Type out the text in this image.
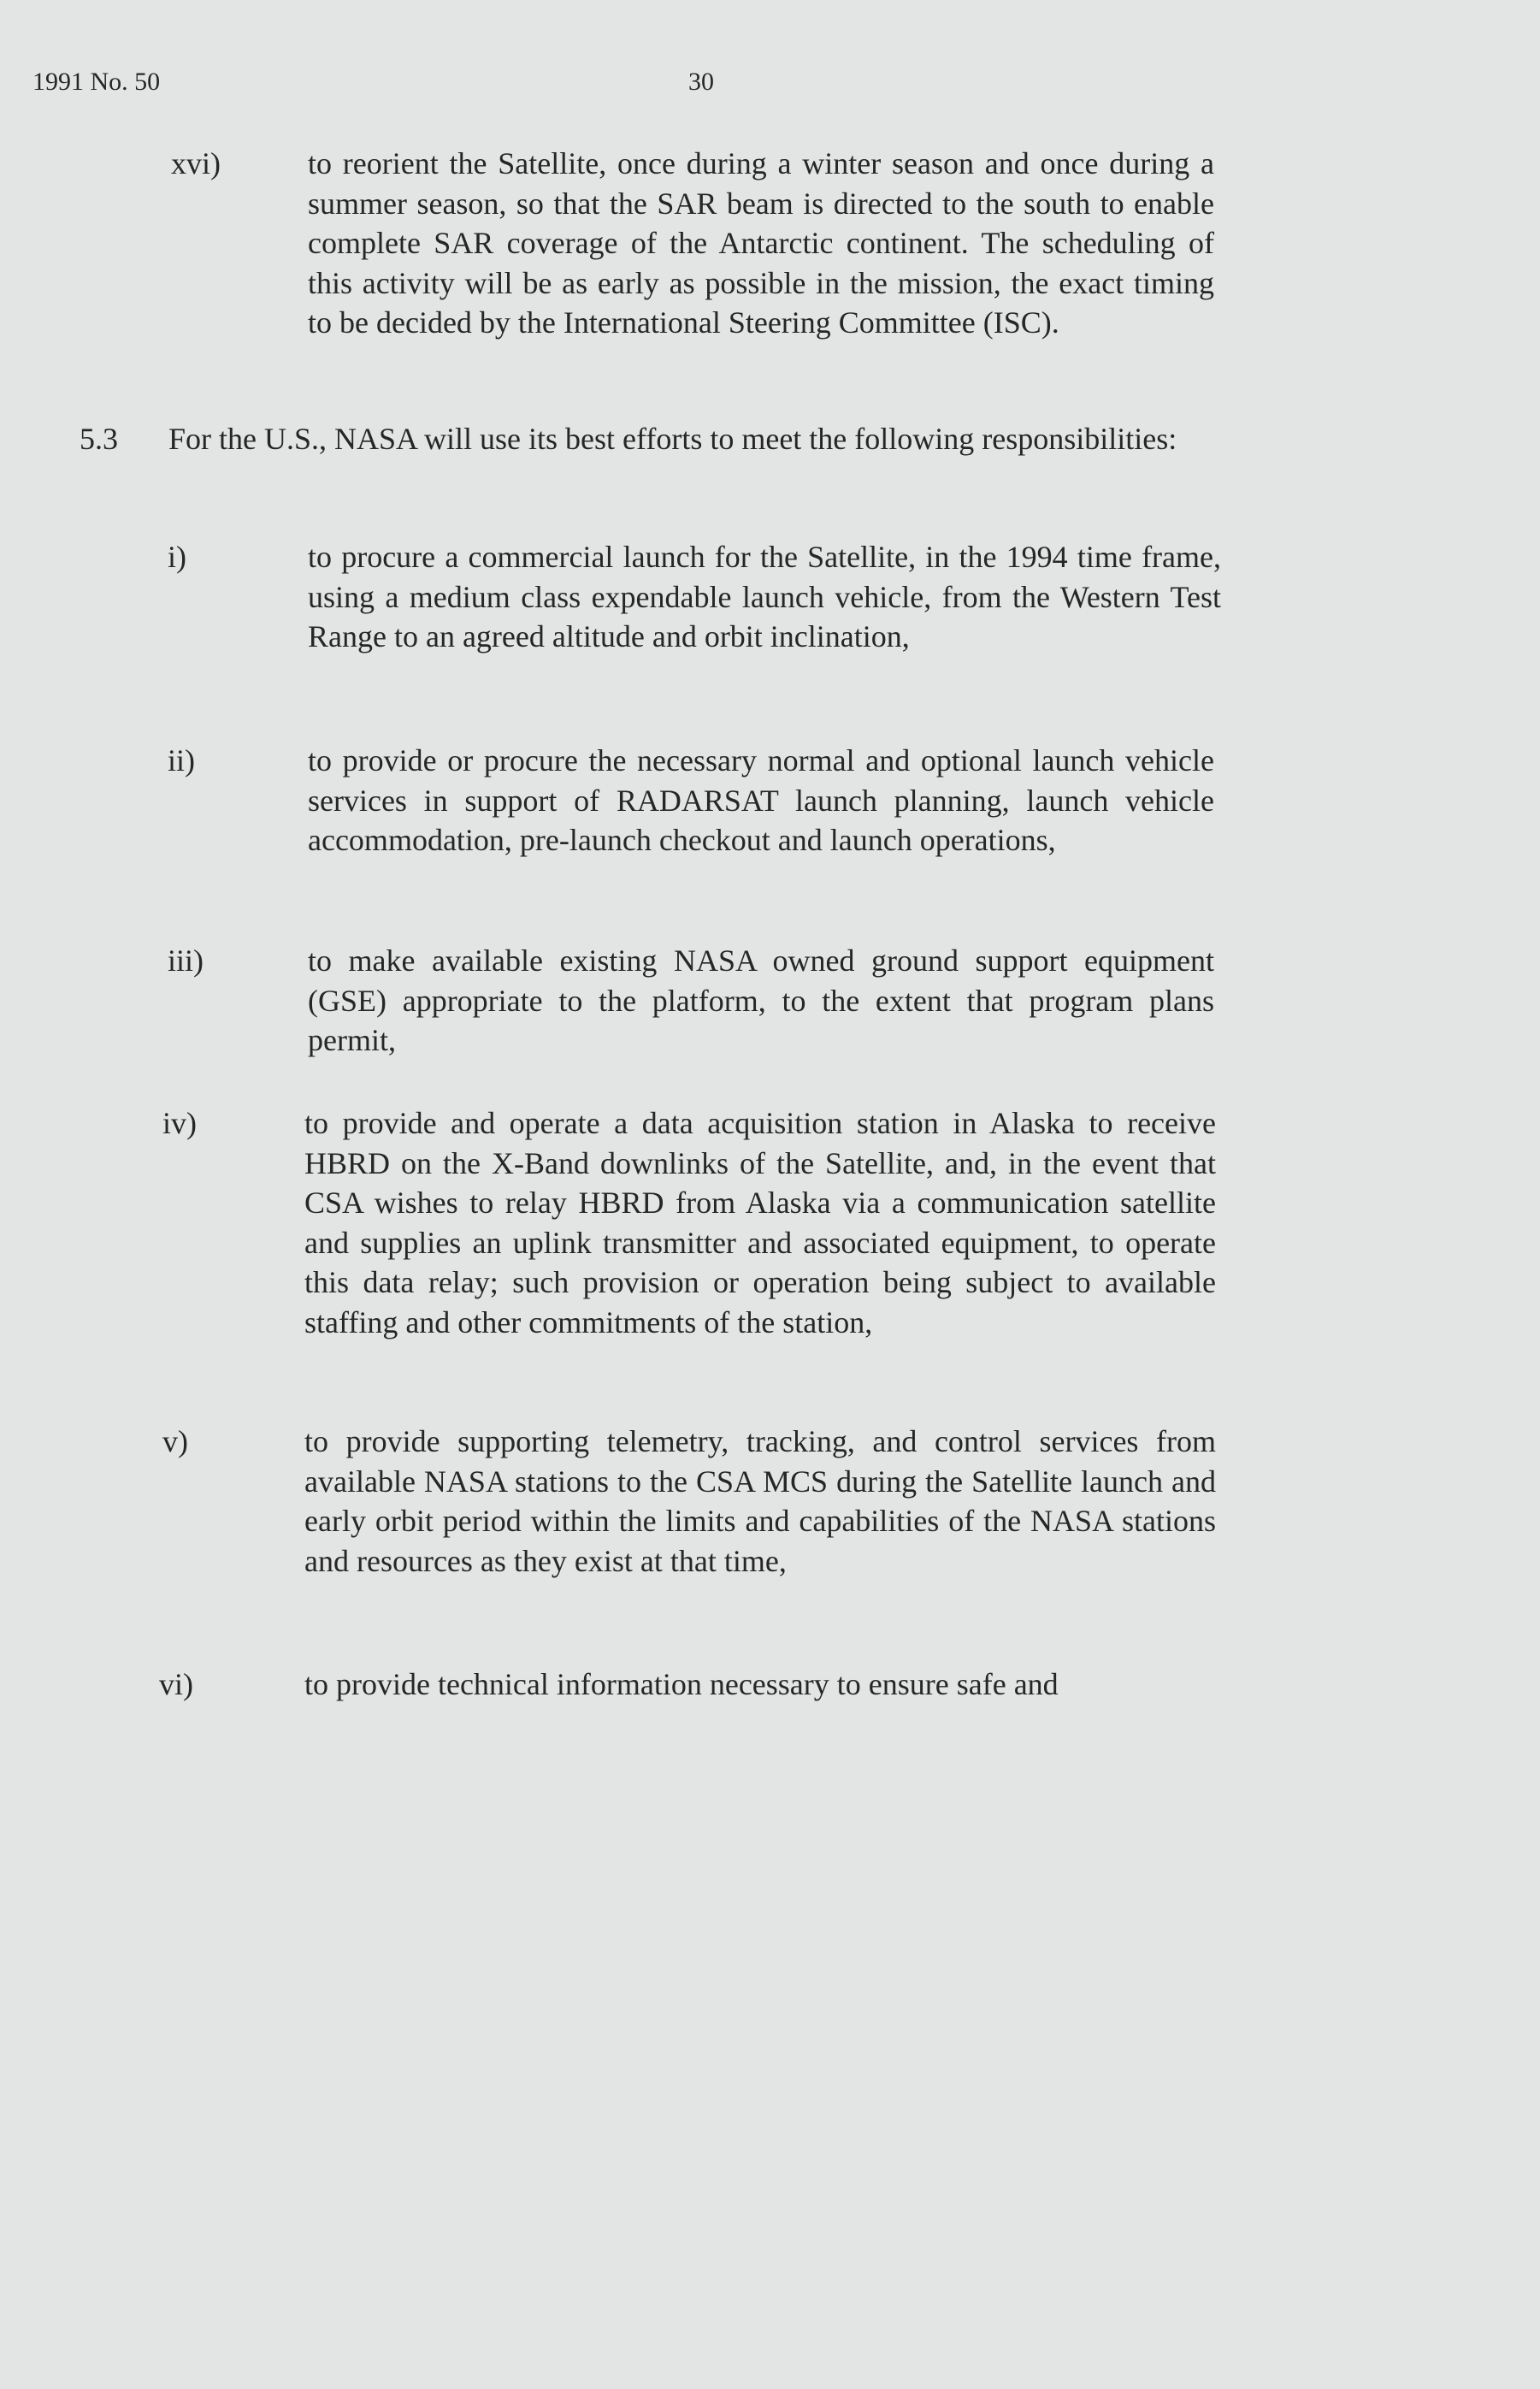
1991 No. 50	30
xvi)	to reorient the Satellite, once during a winter season and once during a summer season, so that the SAR beam is directed to the south to enable complete SAR coverage of the Antarctic continent. The scheduling of this activity will be as early as possible in the mission, the exact timing to be decided by the International Steering Committee (ISC).
5.3 For the U.S., NASA will use its best efforts to meet the following responsibilities:
i)	to procure a commercial launch for the Satellite, in the 1994 time frame, using a medium class expendable launch vehicle, from the Western Test Range to an agreed altitude and orbit inclination,
ii)	to provide or procure the necessary normal and optional launch vehicle services in support of RADARSAT launch planning, launch vehicle accommodation, pre-launch checkout and launch operations,
iii)	to make available existing NASA owned ground support equipment (GSE) appropriate to the platform, to the extent that program plans permit,
iv)	to provide and operate a data acquisition station in Alaska to receive HBRD on the X-Band downlinks of the Satellite, and, in the event that CSA wishes to relay HBRD from Alaska via a communication satellite and supplies an uplink transmitter and associated equipment, to operate this data relay; such provision or operation being subject to available staffing and other commitments of the station,
v)	to provide supporting telemetry, tracking, and control services from available NASA stations to the CSA MCS during the Satellite launch and early orbit period within the limits and capabilities of the NASA stations and resources as they exist at that time,
vi)	to provide technical information necessary to ensure safe and
